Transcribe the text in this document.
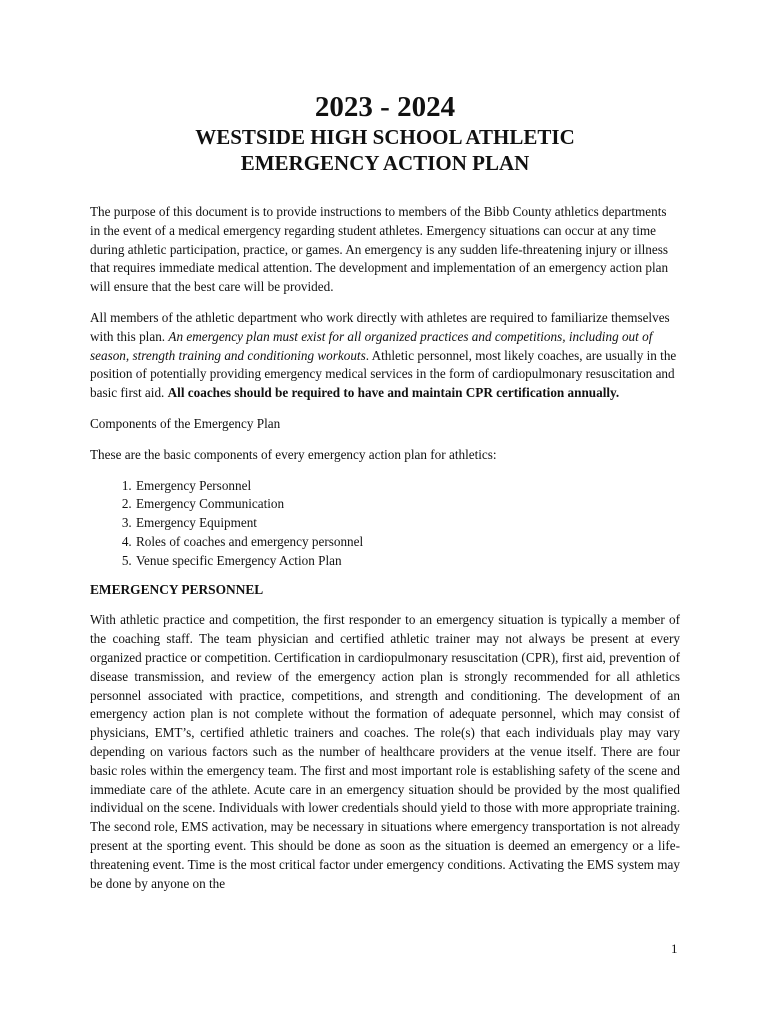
2023 - 2024
WESTSIDE HIGH SCHOOL ATHLETIC
EMERGENCY ACTION PLAN

The purpose of this document is to provide instructions to members of the Bibb County athletics departments in the event of a medical emergency regarding student athletes. Emergency situations can occur at any time during athletic participation, practice, or games. An emergency is any sudden life-threatening injury or illness that requires immediate medical attention. The development and implementation of an emergency action plan will ensure that the best care will be provided.

All members of the athletic department who work directly with athletes are required to familiarize themselves with this plan. An emergency plan must exist for all organized practices and competitions, including out of season, strength training and conditioning workouts. Athletic personnel, most likely coaches, are usually in the position of potentially providing emergency medical services in the form of cardiopulmonary resuscitation and basic first aid. All coaches should be required to have and maintain CPR certification annually.

Components of the Emergency Plan

These are the basic components of every emergency action plan for athletics:

1. Emergency Personnel
2. Emergency Communication
3. Emergency Equipment
4. Roles of coaches and emergency personnel
5. Venue specific Emergency Action Plan

EMERGENCY PERSONNEL

With athletic practice and competition, the first responder to an emergency situation is typically a member of the coaching staff. The team physician and certified athletic trainer may not always be present at every organized practice or competition. Certification in cardiopulmonary resuscitation (CPR), first aid, prevention of disease transmission, and review of the emergency action plan is strongly recommended for all athletics personnel associated with practice, competitions, and strength and conditioning. The development of an emergency action plan is not complete without the formation of adequate personnel, which may consist of physicians, EMT’s, certified athletic trainers and coaches. The role(s) that each individuals play may vary depending on various factors such as the number of healthcare providers at the venue itself. There are four basic roles within the emergency team. The first and most important role is establishing safety of the scene and immediate care of the athlete. Acute care in an emergency situation should be provided by the most qualified individual on the scene. Individuals with lower credentials should yield to those with more appropriate training. The second role, EMS activation, may be necessary in situations where emergency transportation is not already present at the sporting event. This should be done as soon as the situation is deemed an emergency or a life-threatening event. Time is the most critical factor under emergency conditions. Activating the EMS system may be done by anyone on the

1
